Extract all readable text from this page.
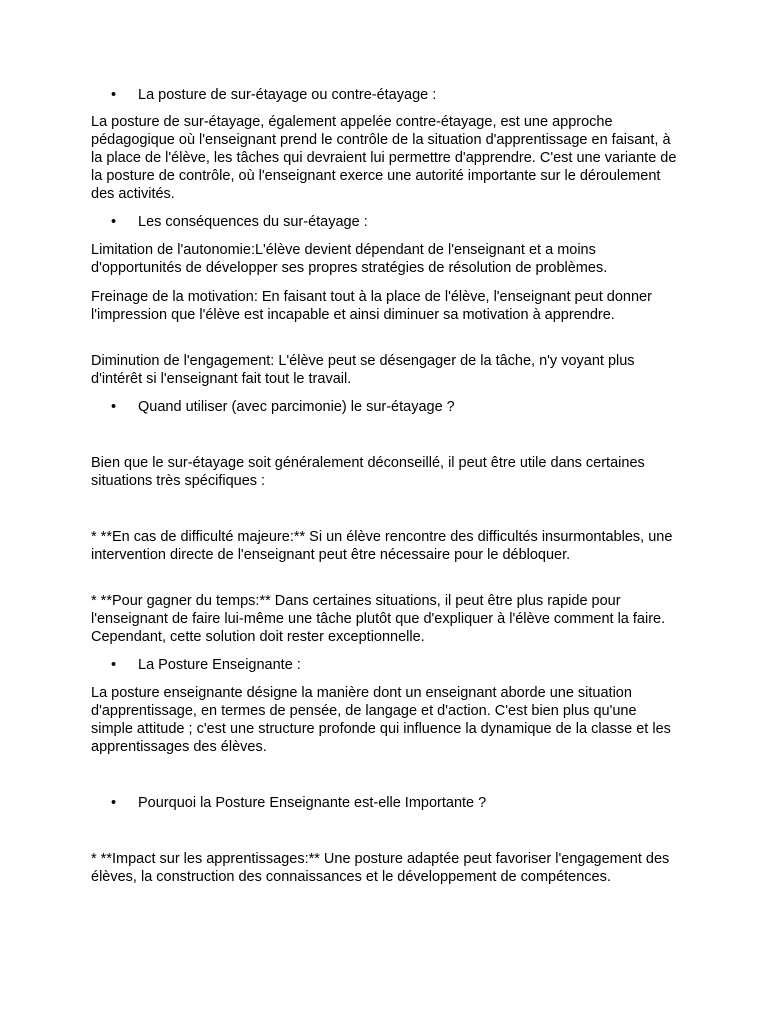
• La posture de sur-étayage ou contre-étayage :

La posture de sur-étayage, également appelée contre-étayage, est une approche pédagogique où l'enseignant prend le contrôle de la situation d'apprentissage en faisant, à la place de l'élève, les tâches qui devraient lui permettre d'apprendre. C'est une variante de la posture de contrôle, où l'enseignant exerce une autorité importante sur le déroulement des activités.

• Les conséquences du sur-étayage :

Limitation de l'autonomie:L'élève devient dépendant de l'enseignant et a moins d'opportunités de développer ses propres stratégies de résolution de problèmes.

Freinage de la motivation: En faisant tout à la place de l'élève, l'enseignant peut donner l'impression que l'élève est incapable et ainsi diminuer sa motivation à apprendre.

Diminution de l'engagement: L'élève peut se désengager de la tâche, n'y voyant plus d'intérêt si l'enseignant fait tout le travail.

• Quand utiliser (avec parcimonie) le sur-étayage ?

Bien que le sur-étayage soit généralement déconseillé, il peut être utile dans certaines situations très spécifiques :

* **En cas de difficulté majeure:** Si un élève rencontre des difficultés insurmontables, une intervention directe de l'enseignant peut être nécessaire pour le débloquer.

* **Pour gagner du temps:** Dans certaines situations, il peut être plus rapide pour l'enseignant de faire lui-même une tâche plutôt que d'expliquer à l'élève comment la faire. Cependant, cette solution doit rester exceptionnelle.

• La Posture Enseignante :

La posture enseignante désigne la manière dont un enseignant aborde une situation d'apprentissage, en termes de pensée, de langage et d'action. C'est bien plus qu'une simple attitude ; c'est une structure profonde qui influence la dynamique de la classe et les apprentissages des élèves.

• Pourquoi la Posture Enseignante est-elle Importante ?

* **Impact sur les apprentissages:** Une posture adaptée peut favoriser l'engagement des élèves, la construction des connaissances et le développement de compétences.
